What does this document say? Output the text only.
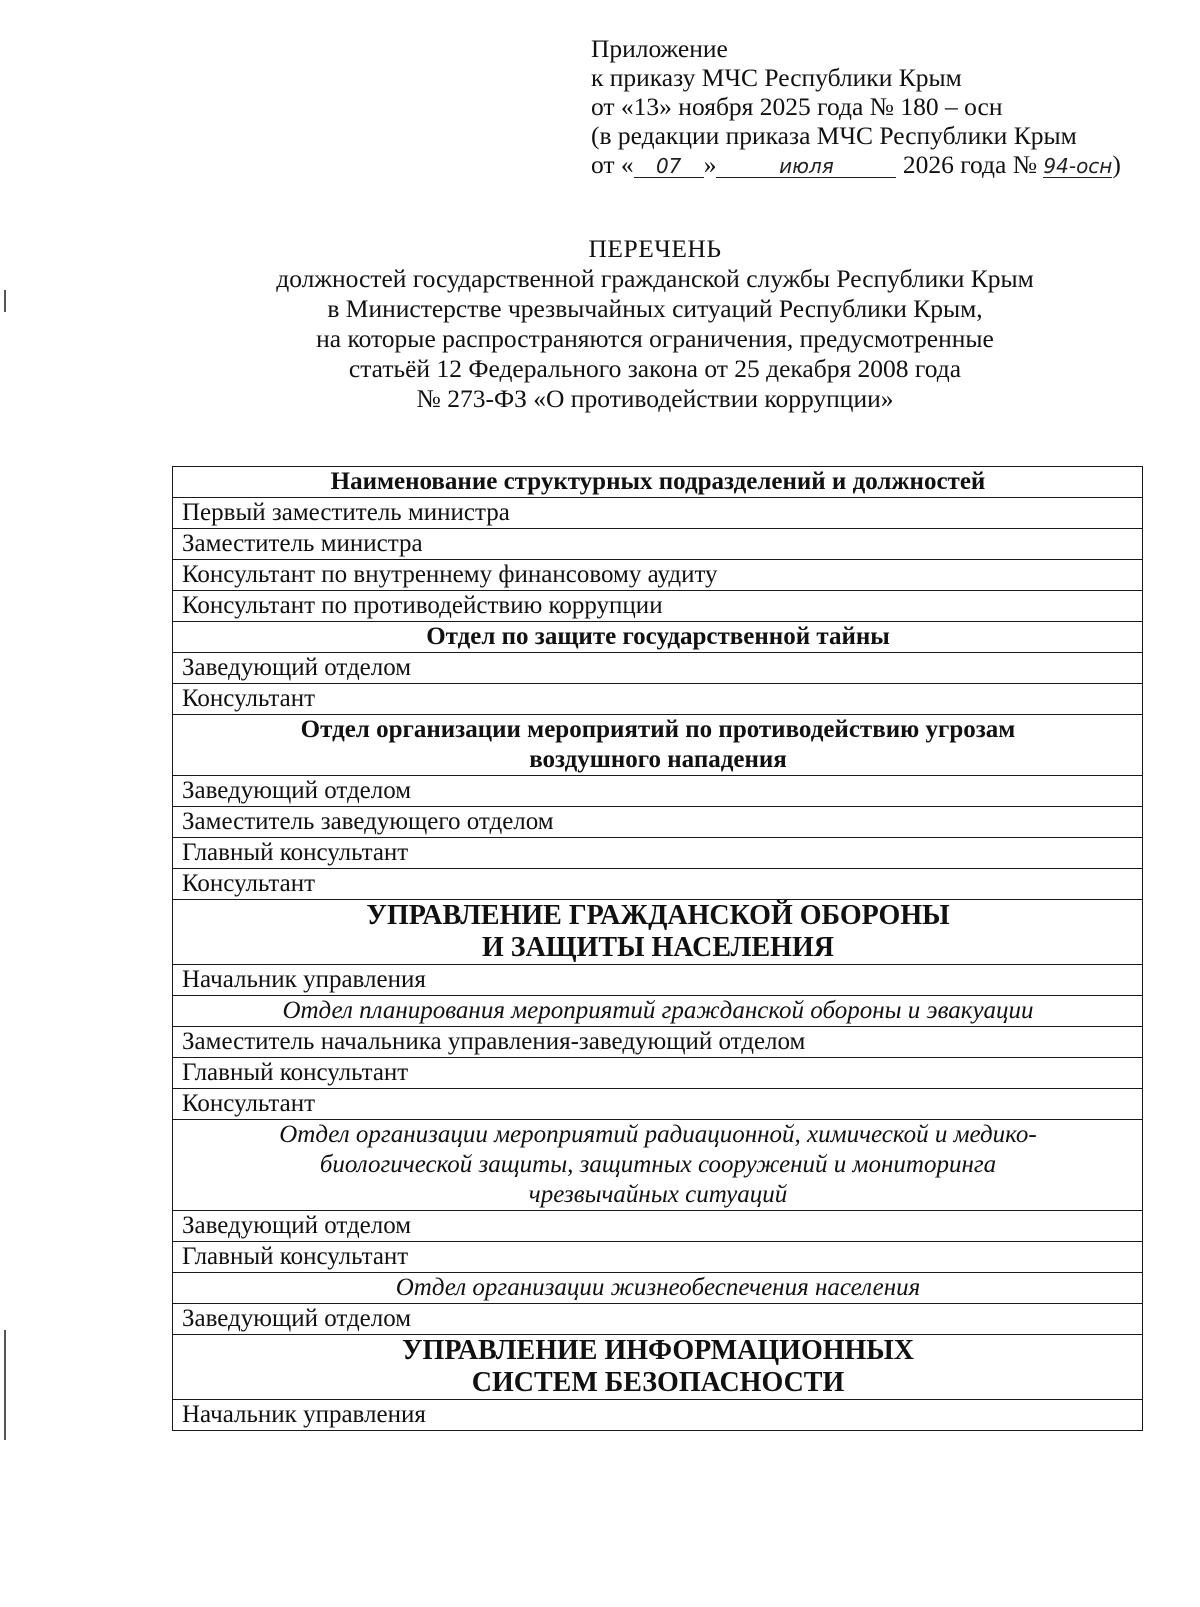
Приложение
к приказу МЧС Республики Крым
от «13» ноября 2025 года № 180 – осн
(в редакции приказа МЧС Республики Крым
от « 07 »	июля 2026 года № 94-осн)
ПЕРЕЧЕНЬ
должностей государственной гражданской службы Республики Крым
в Министерстве чрезвычайных ситуаций Республики Крым,
на которые распространяются ограничения, предусмотренные
статьёй 12 Федерального закона от 25 декабря 2008 года
№ 273-ФЗ «О противодействии коррупции»
Наименование структурных подразделений и должностей

Первый заместитель министра

Заместитель министра

Консультант по внутреннему финансовому аудиту

Консультант по противодействию коррупции

Отдел по защите государственной тайны

Заведующий отделом

Консультант

Отдел организации мероприятий по противодействию угрозам
воздушного нападения

Заведующий отделом

Заместитель заведующего отделом

Главный консультант

Консультант

УПРАВЛЕНИЕ ГРАЖДАНСКОЙ ОБОРОНЫ
И ЗАЩИТЫ НАСЕЛЕНИЯ

Начальник управления

Отдел планирования мероприятий гражданской обороны и эвакуации

Заместитель начальника управления-заведующий отделом

Главный консультант

Консультант

Отдел организации мероприятий радиационной, химической и медико-
биологической защиты, защитных сооружений и мониторинга
чрезвычайных ситуаций

Заведующий отделом

Главный консультант

Отдел организации жизнеобеспечения населения

Заведующий отделом

УПРАВЛЕНИЕ ИНФОРМАЦИОННЫХ
СИСТЕМ БЕЗОПАСНОСТИ

Начальник управления
